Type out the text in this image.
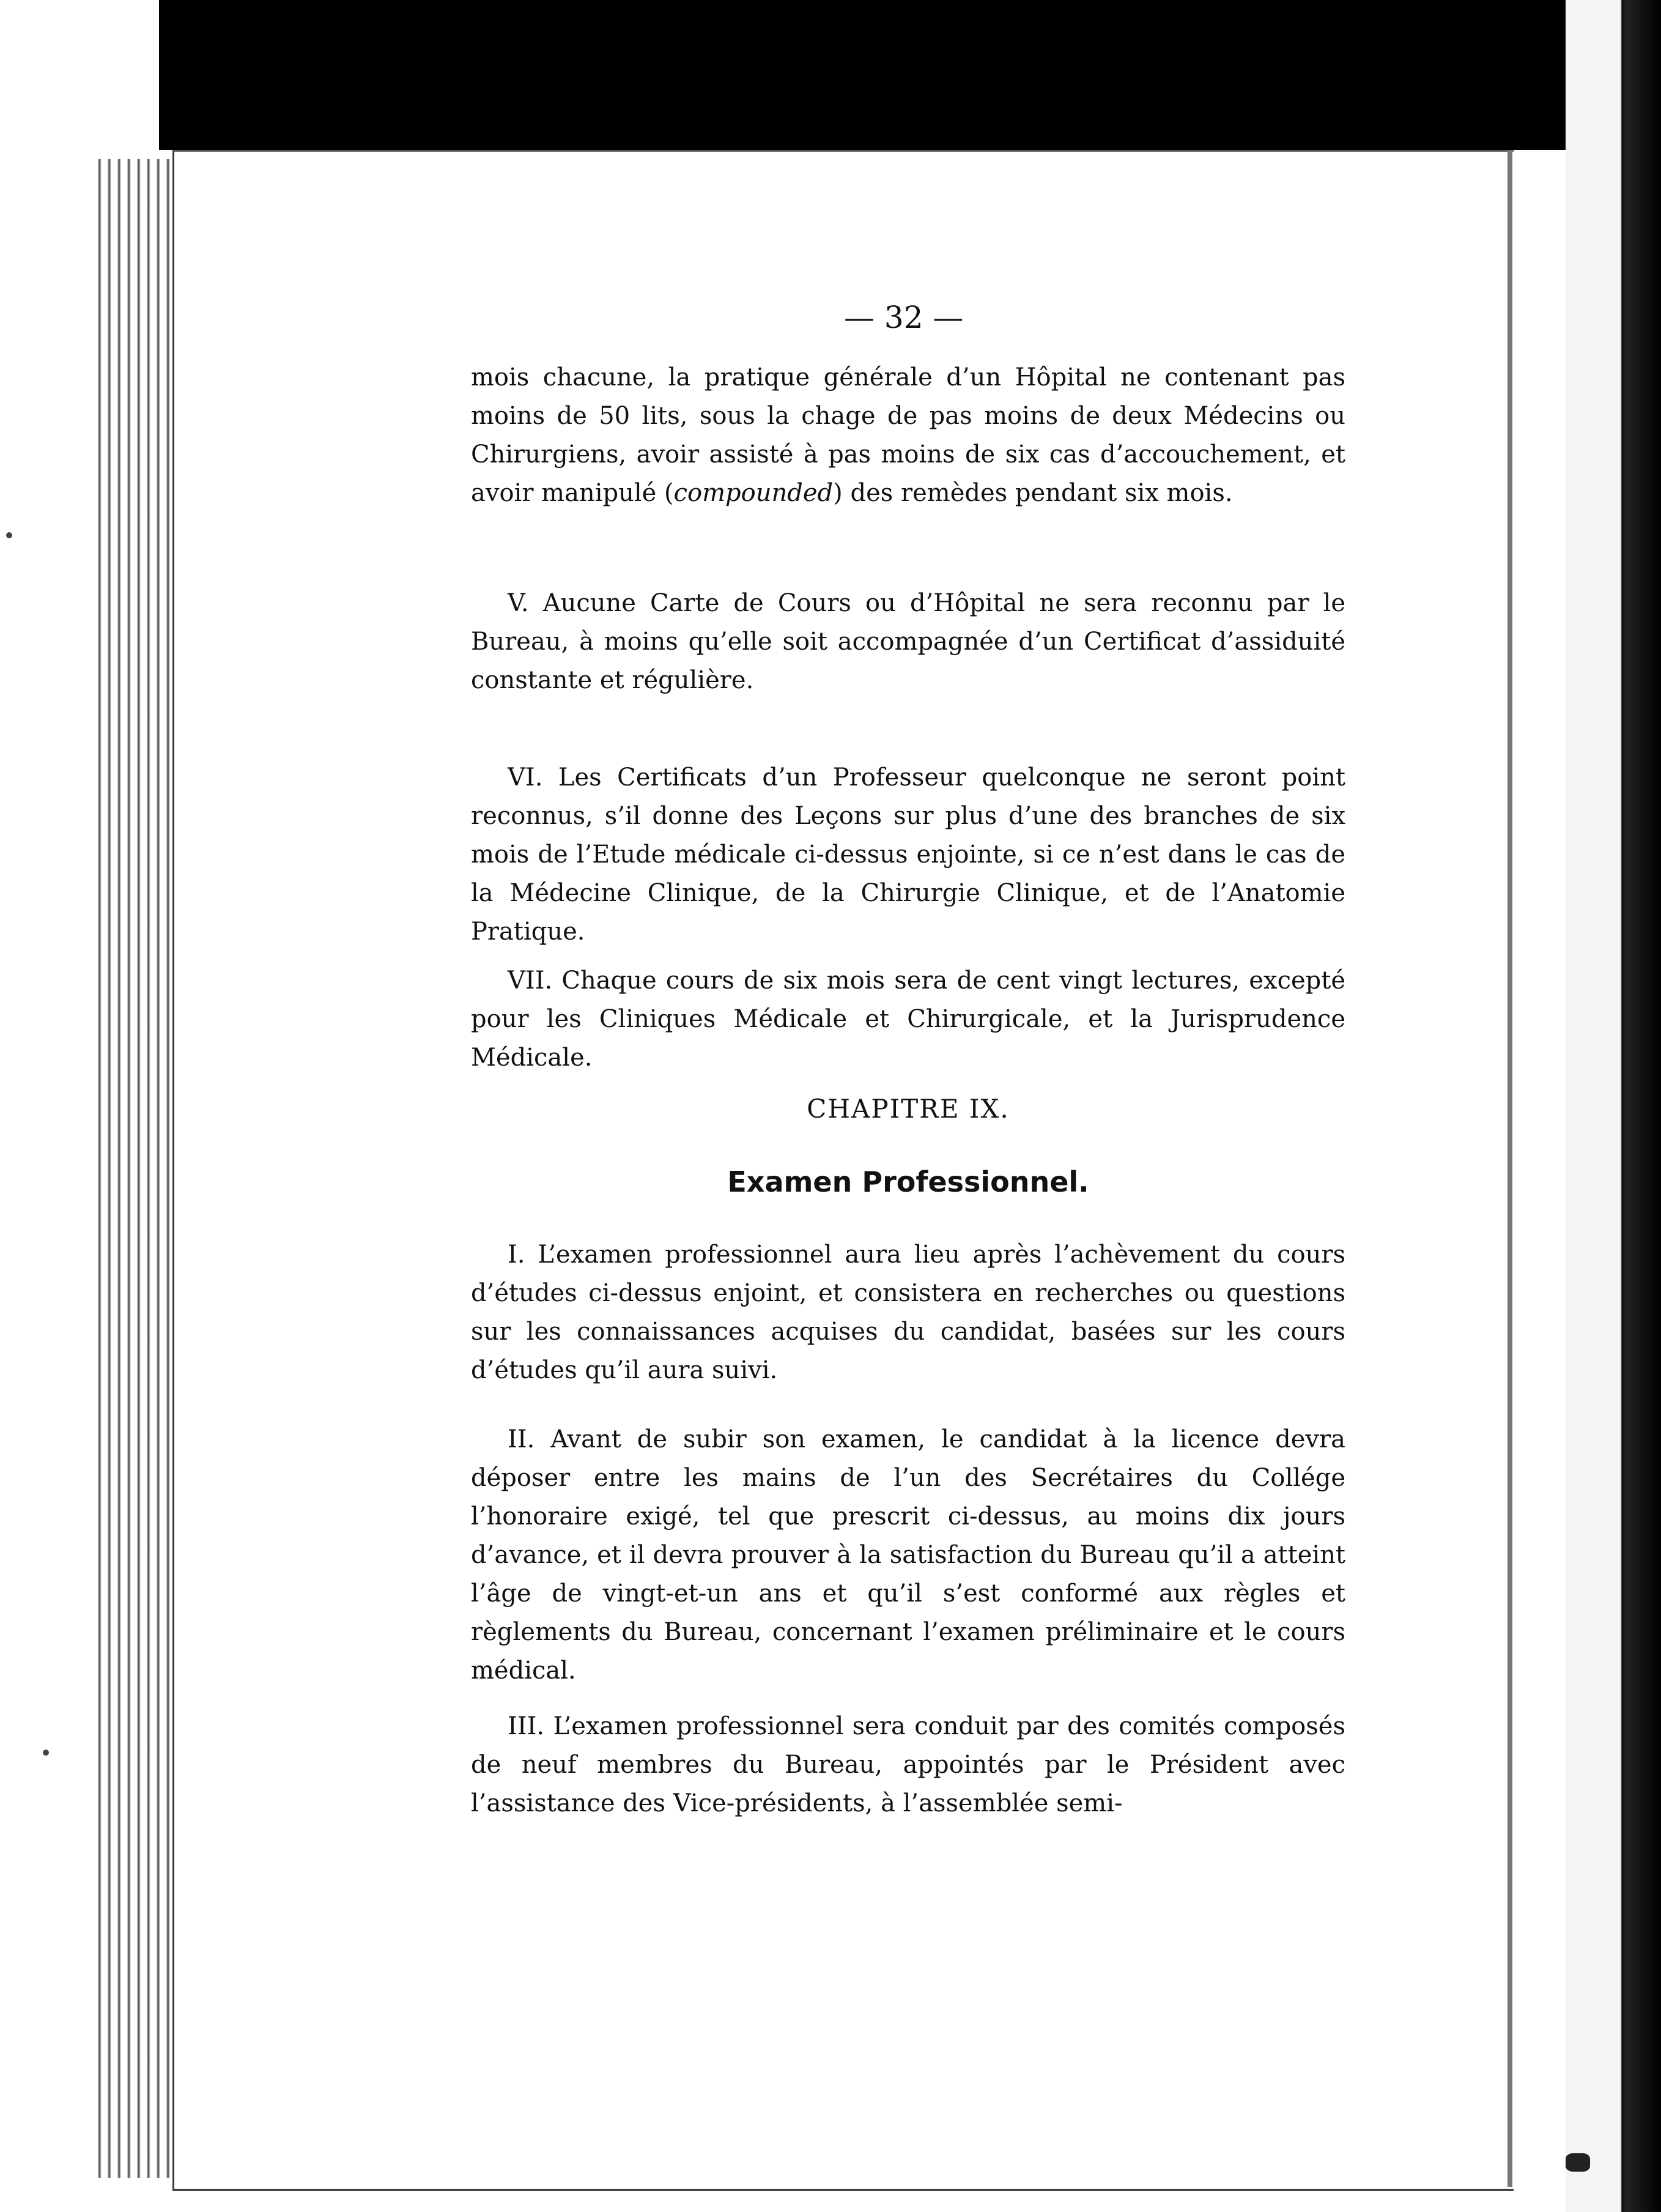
— 32 —

mois chacune, la pratique générale d’un Hôpital ne contenant pas moins de 50 lits, sous la chage de pas moins de deux Médecins ou Chirurgiens, avoir assisté à pas moins de six cas d’accouchement, et avoir manipulé (compounded) des remèdes pendant six mois.

V. Aucune Carte de Cours ou d’Hôpital ne sera reconnu par le Bureau, à moins qu’elle soit accompagnée d’un Certificat d’assiduité constante et régulière.

VI. Les Certificats d’un Professeur quelconque ne seront point reconnus, s’il donne des Leçons sur plus d’une des branches de six mois de l’Etude médicale ci-dessus enjointe, si ce n’est dans le cas de la Médecine Clinique, de la Chirurgie Clinique, et de l’Anatomie Pratique.

VII. Chaque cours de six mois sera de cent vingt lectures, excepté pour les Cliniques Médicale et Chirurgicale, et la Jurisprudence Médicale.

CHAPITRE IX.
Examen Professionnel.

I. L’examen professionnel aura lieu après l’achèvement du cours d’études ci-dessus enjoint, et consistera en recherches ou questions sur les connaissances acquises du candidat, basées sur les cours d’études qu’il aura suivi.

II. Avant de subir son examen, le candidat à la licence devra déposer entre les mains de l’un des Secrétaires du Collége l’honoraire exigé, tel que prescrit ci-dessus, au moins dix jours d’avance, et il devra prouver à la satisfaction du Bureau qu’il a atteint l’âge de vingt-et-un ans et qu’il s’est conformé aux règles et règlements du Bureau, concernant l’examen préliminaire et le cours médical.

III. L’examen professionnel sera conduit par des comités composés de neuf membres du Bureau, appointés par le Président avec l’assistance des Vice-présidents, à l’assemblée semi-
